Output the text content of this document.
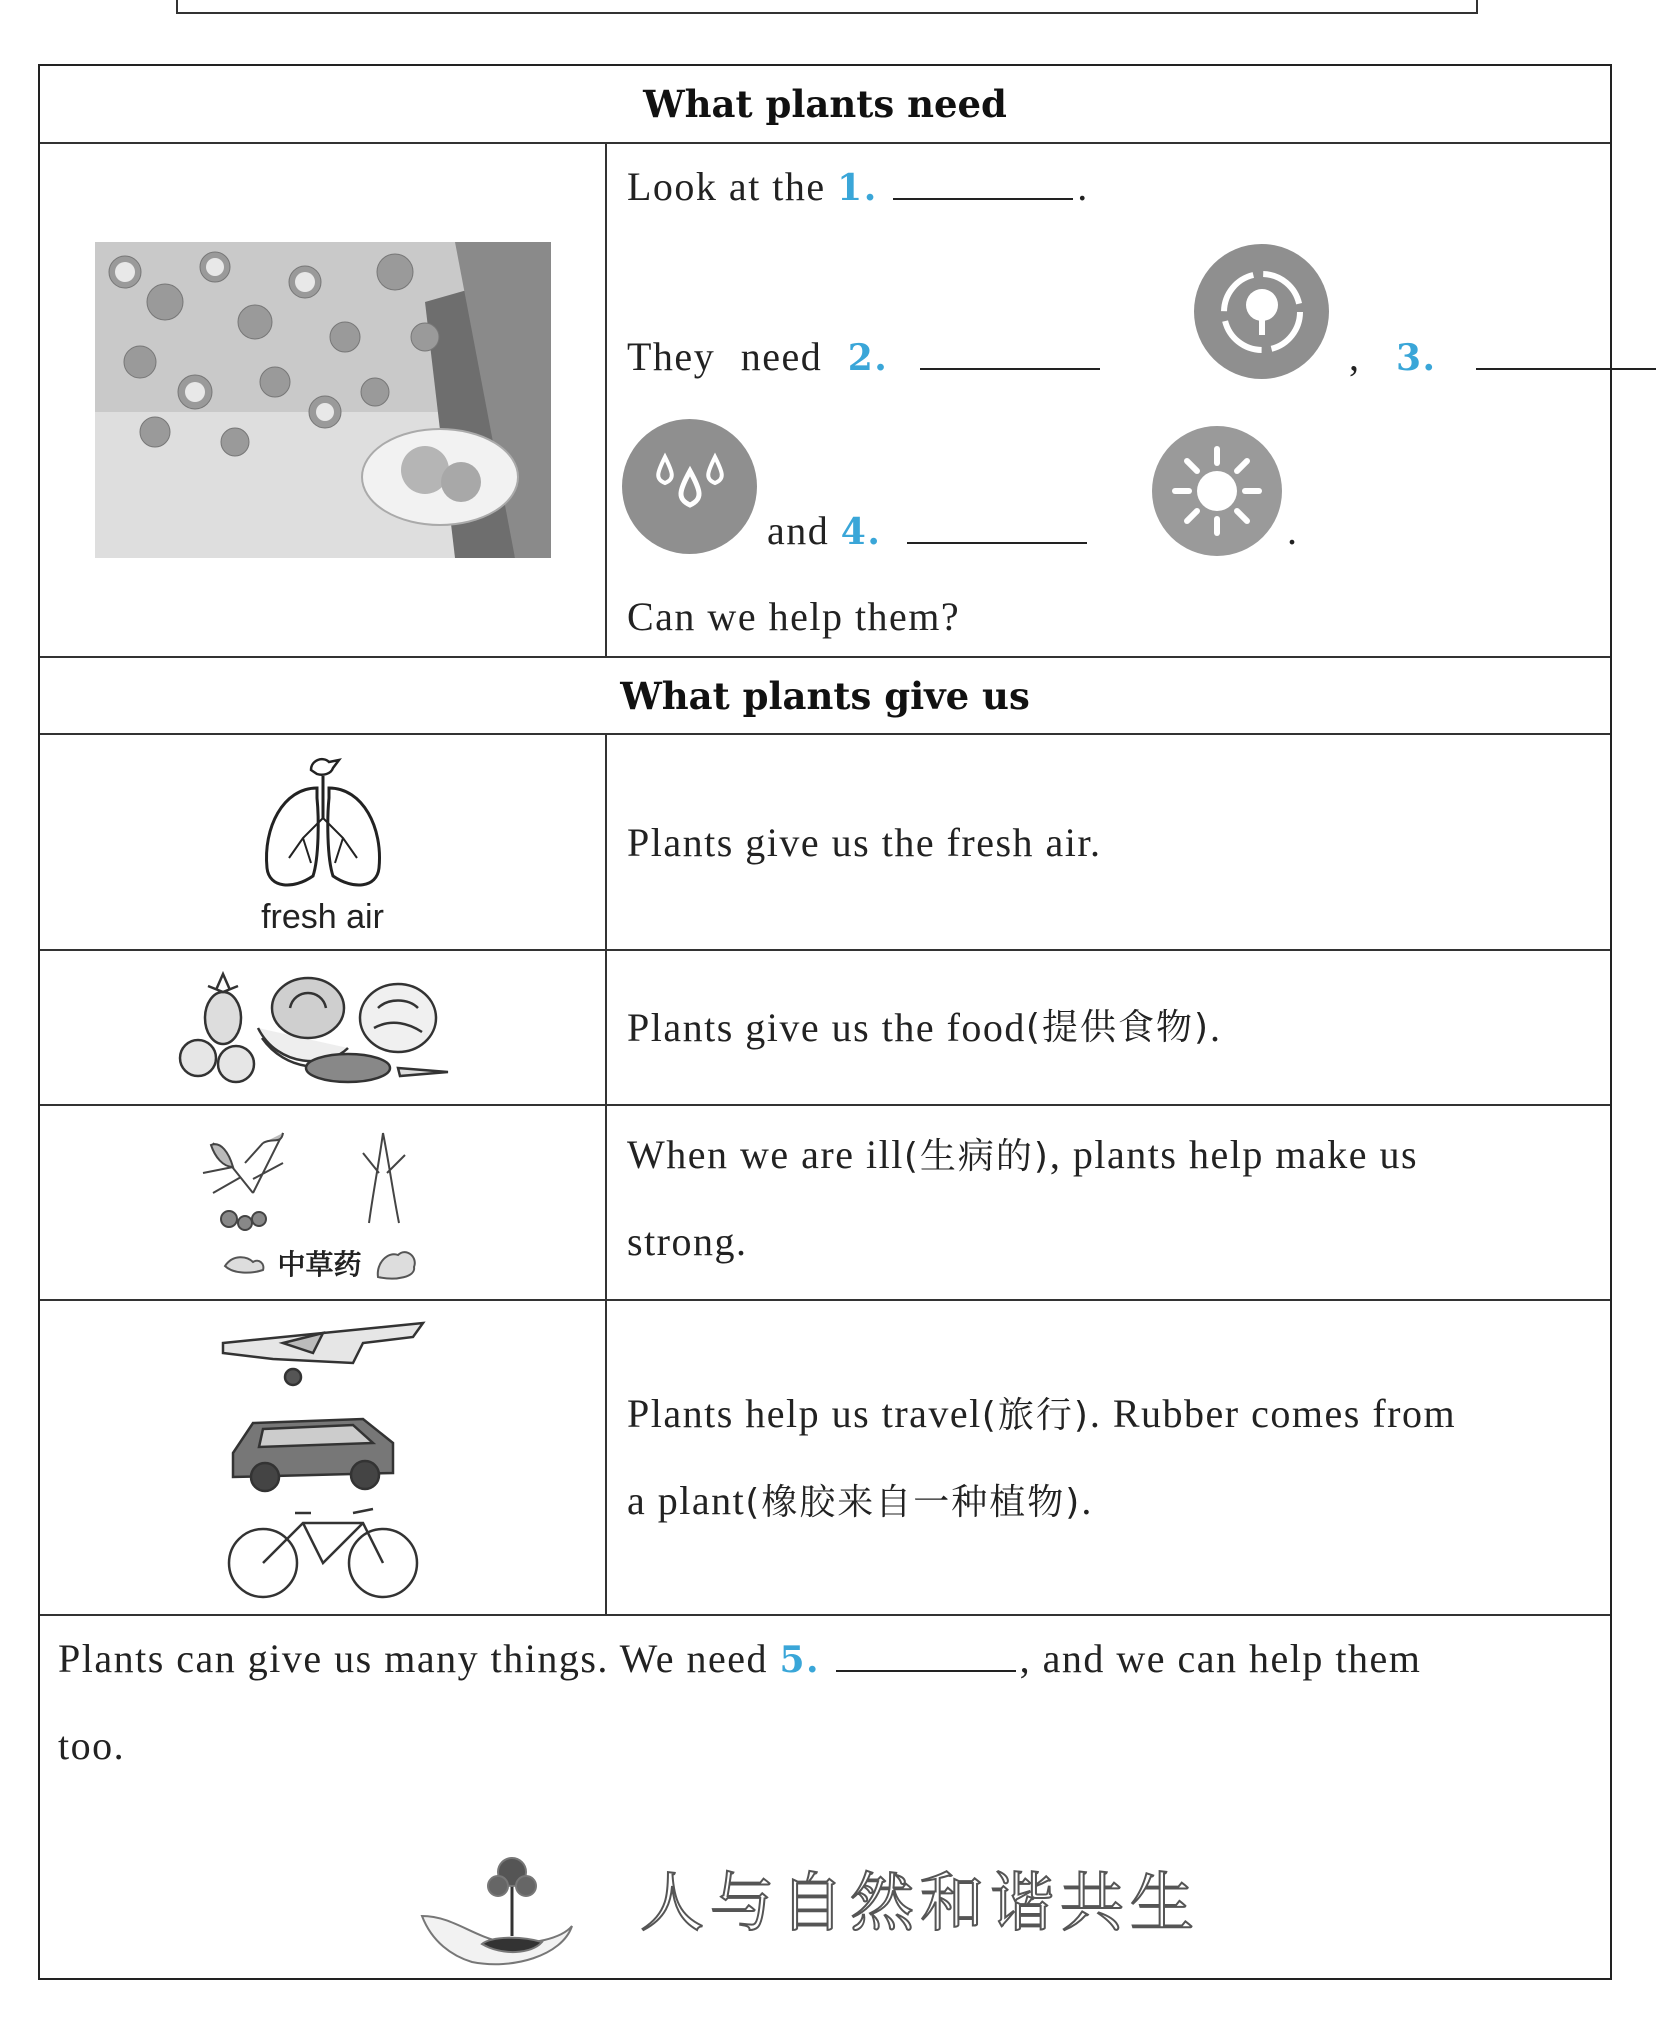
What plants need
Look at the 1.	.
They need 2.	, 3.
and 4.	.
Can we help them?
What plants give us
fresh air
Plants give us the fresh air.
Plants give us the food (提供食物) .
中草药
When we are ill(生病的), plants help make us
strong.
Plants help us travel(旅行). Rubber comes from
a plant(橡胶来自一种植物).
Plants can give us many things. We need 5.	, and we can help them
too.
人与自然和谐共生
